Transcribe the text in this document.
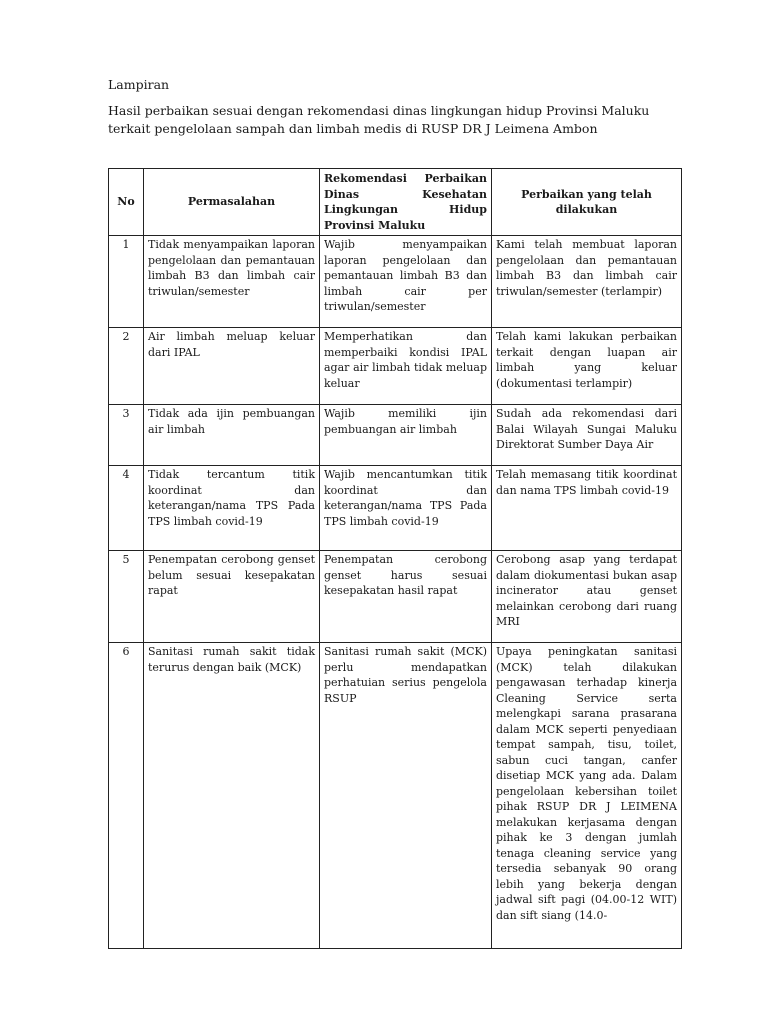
Lampiran
Hasil perbaikan sesuai dengan rekomendasi dinas lingkungan hidup Provinsi Maluku terkait pengelolaan sampah dan limbah medis di RUSP DR J Leimena Ambon
No	Permasalahan	Rekomendasi Perbaikan Dinas Kesehatan Lingkungan Hidup Provinsi Maluku	Perbaikan yang telah dilakukan
1	Tidak menyampaikan laporan pengelolaan dan pemantauan limbah B3 dan limbah cair triwulan/semester	Wajib menyampaikan laporan pengelolaan dan pemantauan limbah B3 dan limbah cair per triwulan/semester	Kami telah membuat laporan pengelolaan dan pemantauan limbah B3 dan limbah cair triwulan/semester (terlampir)

2	Air limbah meluap keluar dari IPAL	Memperhatikan dan memperbaiki kondisi IPAL agar air limbah tidak meluap keluar	Telah kami lakukan perbaikan terkait dengan luapan air limbah yang keluar (dokumentasi terlampir)

3	Tidak ada ijin pembuangan air limbah	Wajib memiliki ijin pembuangan air limbah	Sudah ada rekomendasi dari Balai Wilayah Sungai Maluku Direktorat Sumber Daya Air

4	Tidak tercantum titik koordinat dan keterangan/nama TPS Pada TPS limbah covid-19	Wajib mencantumkan titik koordinat dan keterangan/nama TPS Pada TPS limbah covid-19	Telah memasang titik koordinat dan nama TPS limbah covid-19

5	Penempatan cerobong genset belum sesuai kesepakatan rapat	Penempatan cerobong genset harus sesuai kesepakatan hasil rapat	Cerobong asap yang terdapat dalam diokumentasi bukan asap incinerator atau genset melainkan cerobong dari ruang MRI

6	Sanitasi rumah sakit tidak terurus dengan baik (MCK)	Sanitasi rumah sakit (MCK) perlu mendapatkan perhatuian serius pengelola RSUP	Upaya peningkatan sanitasi (MCK) telah dilakukan pengawasan terhadap kinerja Cleaning Service serta melengkapi sarana prasarana dalam MCK seperti penyediaan tempat sampah, tisu, toilet, sabun cuci tangan, canfer disetiap MCK yang ada. Dalam pengelolaan kebersihan toilet pihak RSUP DR J LEIMENA melakukan kerjasama dengan pihak ke 3 dengan jumlah tenaga cleaning service yang tersedia sebanyak 90 orang lebih yang bekerja dengan jadwal sift pagi (04.00-12 WIT) dan sift siang (14.0-
